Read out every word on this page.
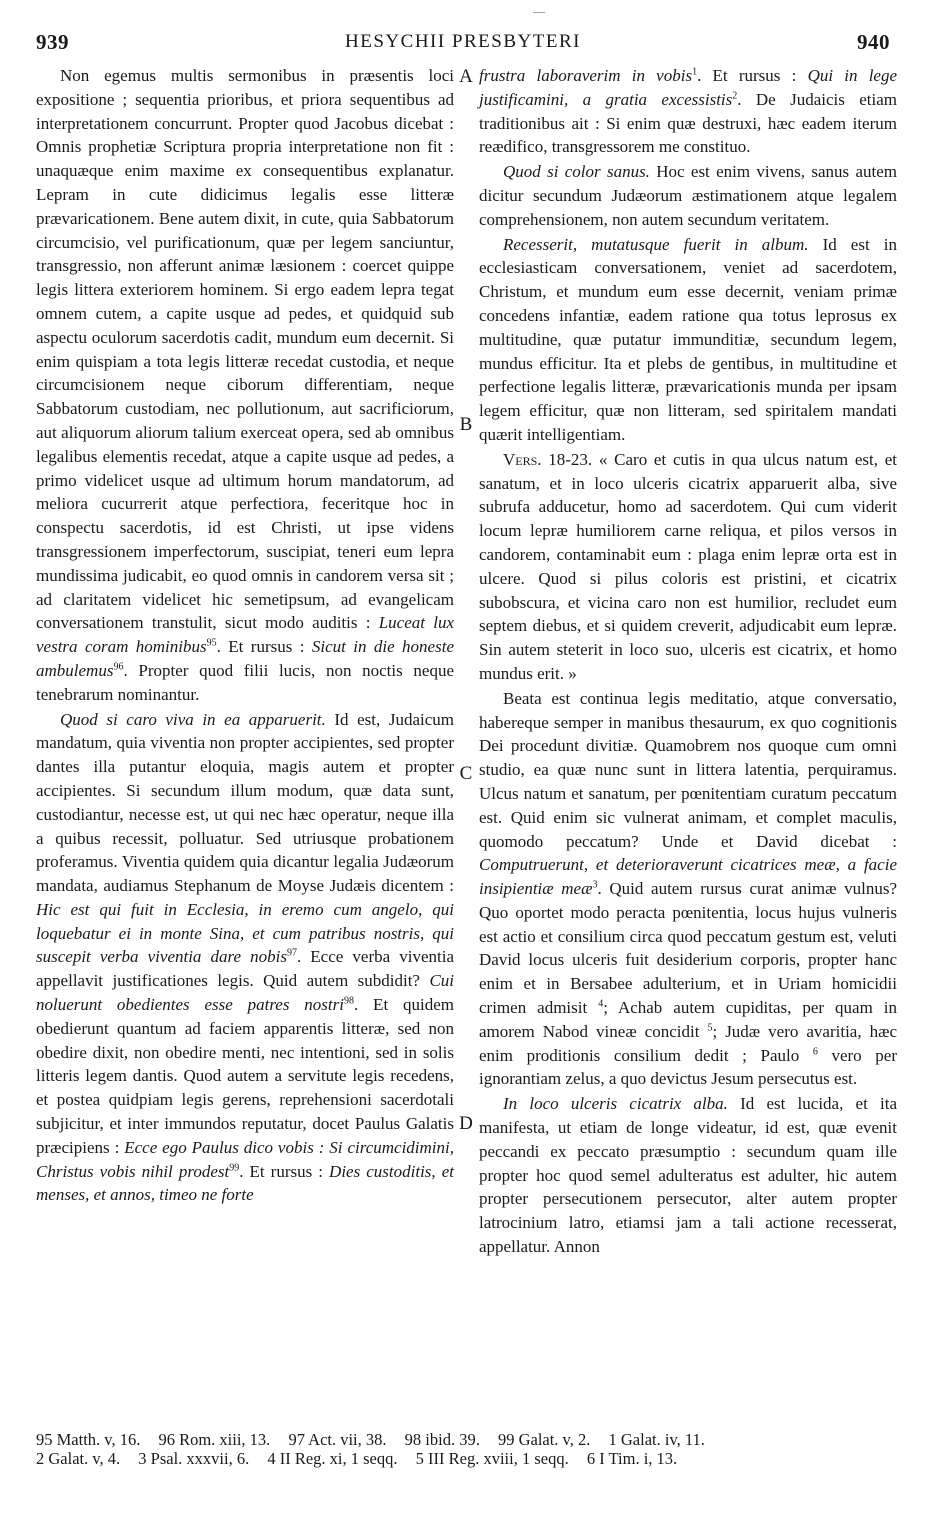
—
939	HESYCHII PRESBYTERI	940

Non egemus multis sermonibus in præsentis loci expositione ; sequentia prioribus, et priora sequentibus ad interpretationem concurrunt. Propter quod Jacobus dicebat : Omnis prophetiæ Scriptura propria interpretatione non fit : unaquæque enim maxime ex consequentibus explanatur. Lepram in cute didicimus legalis esse litteræ prævaricationem. Bene autem dixit, in cute, quia Sabbatorum circumcisio, vel purificationum, quæ per legem sanciuntur, transgressio, non afferunt animæ læsionem : coercet quippe legis littera exteriorem hominem. Si ergo eadem lepra tegat omnem cutem, a capite usque ad pedes, et quidquid sub aspectu oculorum sacerdotis cadit, mundum eum decernit. Si enim quispiam a tota legis litteræ recedat custodia, et neque circumcisionem neque ciborum differentiam, neque Sabbatorum custodiam, nec pollutionum, aut sacrificiorum, aut aliquorum aliorum talium exerceat opera, sed ab omnibus legalibus elementis recedat, atque a capite usque ad pedes, a primo videlicet usque ad ultimum horum mandatorum, ad meliora cucurrerit atque perfectiora, feceritque hoc in conspectu sacerdotis, id est Christi, ut ipse videns transgressionem imperfectorum, suscipiat, teneri eum lepra mundissima judicabit, eo quod omnis in candorem versa sit ; ad claritatem videlicet hic semetipsum, ad evangelicam conversationem transtulit, sicut modo auditis : Luceat lux vestra coram hominibus$^{95}$. Et rursus : Sicut in die honeste ambulemus$^{96}$. Propter quod filii lucis, non noctis neque tenebrarum nominantur.

Quod si caro viva in ea apparuerit. Id est, Judaicum mandatum, quia viventia non propter accipientes, sed propter dantes illa putantur eloquia, magis autem et propter accipientes. Si secundum illum modum, quæ data sunt, custodiantur, necesse est, ut qui nec hæc operatur, neque illa a quibus recessit, polluatur. Sed utriusque probationem proferamus. Viventia quidem quia dicantur legalia Judæorum mandata, audiamus Stephanum de Moyse Judæis dicentem : Hic est qui fuit in Ecclesia, in eremo cum angelo, qui loquebatur ei in monte Sina, et cum patribus nostris, qui suscepit verba viventia dare nobis$^{97}$. Ecce verba viventia appellavit justificationes legis. Quid autem subdidit? Cui noluerunt obedientes esse patres nostri$^{98}$. Et quidem obedierunt quantum ad faciem apparentis litteræ, sed non obedire dixit, non obedire menti, nec intentioni, sed in solis litteris legem dantis. Quod autem a servitute legis recedens, et postea quidpiam legis gerens, reprehensioni sacerdotali subjicitur, et inter immundos reputatur, docet Paulus Galatis præcipiens : Ecce ego Paulus dico vobis : Si circumcidimini, Christus vobis nihil prodest$^{99}$. Et rursus : Dies custoditis, et menses, et annos, timeo ne forte

A
B
C
D

frustra laboraverim in vobis$^1$. Et rursus : Qui in lege justificamini, a gratia excessistis$^2$. De Judaicis etiam traditionibus ait : Si enim quæ destruxi, hæc eadem iterum reædifico, transgressorem me constituo.

Quod si color sanus. Hoc est enim vivens, sanus autem dicitur secundum Judæorum æstimationem atque legalem comprehensionem, non autem secundum veritatem.

Recesserit, mutatusque fuerit in album. Id est in ecclesiasticam conversationem, veniet ad sacerdotem, Christum, et mundum eum esse decernit, veniam primæ concedens infantiæ, eadem ratione qua totus leprosus ex multitudine, quæ putatur immunditiæ, secundum legem, mundus efficitur. Ita et plebs de gentibus, in multitudine et perfectione legalis litteræ, prævaricationis munda per ipsam legem efficitur, quæ non litteram, sed spiritalem mandati quærit intelligentiam.

Vers. 18-23. « Caro et cutis in qua ulcus natum est, et sanatum, et in loco ulceris cicatrix apparuerit alba, sive subrufa adducetur, homo ad sacerdotem. Qui cum viderit locum lepræ humiliorem carne reliqua, et pilos versos in candorem, contaminabit eum : plaga enim lepræ orta est in ulcere. Quod si pilus coloris est pristini, et cicatrix subobscura, et vicina caro non est humilior, recludet eum septem diebus, et si quidem creverit, adjudicabit eum lepræ. Sin autem steterit in loco suo, ulceris est cicatrix, et homo mundus erit. »

Beata est continua legis meditatio, atque conversatio, habereque semper in manibus thesaurum, ex quo cognitionis Dei procedunt divitiæ. Quamobrem nos quoque cum omni studio, ea quæ nunc sunt in littera latentia, perquiramus. Ulcus natum et sanatum, per pœnitentiam curatum peccatum est. Quid enim sic vulnerat animam, et complet maculis, quomodo peccatum? Unde et David dicebat : Computruerunt, et deterioraverunt cicatrices meæ, a facie insipientiæ meæ$^3$. Quid autem rursus curat animæ vulnus? Quo oportet modo peracta pœnitentia, locus hujus vulneris est actio et consilium circa quod peccatum gestum est, veluti David locus ulceris fuit desiderium corporis, propter hanc enim et in Bersabee adulterium, et in Uriam homicidii crimen admisit $^4$; Achab autem cupiditas, per quam in amorem Nabod vineæ concidit $^5$; Judæ vero avaritia, hæc enim proditionis consilium dedit ; Paulo $^6$ vero per ignorantiam zelus, a quo devictus Jesum persecutus est.

In loco ulceris cicatrix alba. Id est lucida, et ita manifesta, ut etiam de longe videatur, id est, quæ evenit peccandi ex peccato præsumptio : secundum quam ille propter hoc quod semel adulteratus est adulter, hic autem propter persecutionem persecutor, alter autem propter latrocinium latro, etiamsi jam a tali actione recesserat, appellatur. Annon

95 Matth. v, 16. 96 Rom. xiii, 13. 97 Act. vii, 38. 98 ibid. 39. 99 Galat. v, 2. 1 Galat. iv, 11.
2 Galat. v, 4. 3 Psal. xxxvii, 6. 4 II Reg. xi, 1 seqq. 5 III Reg. xviii, 1 seqq. 6 I Tim. i, 13.
